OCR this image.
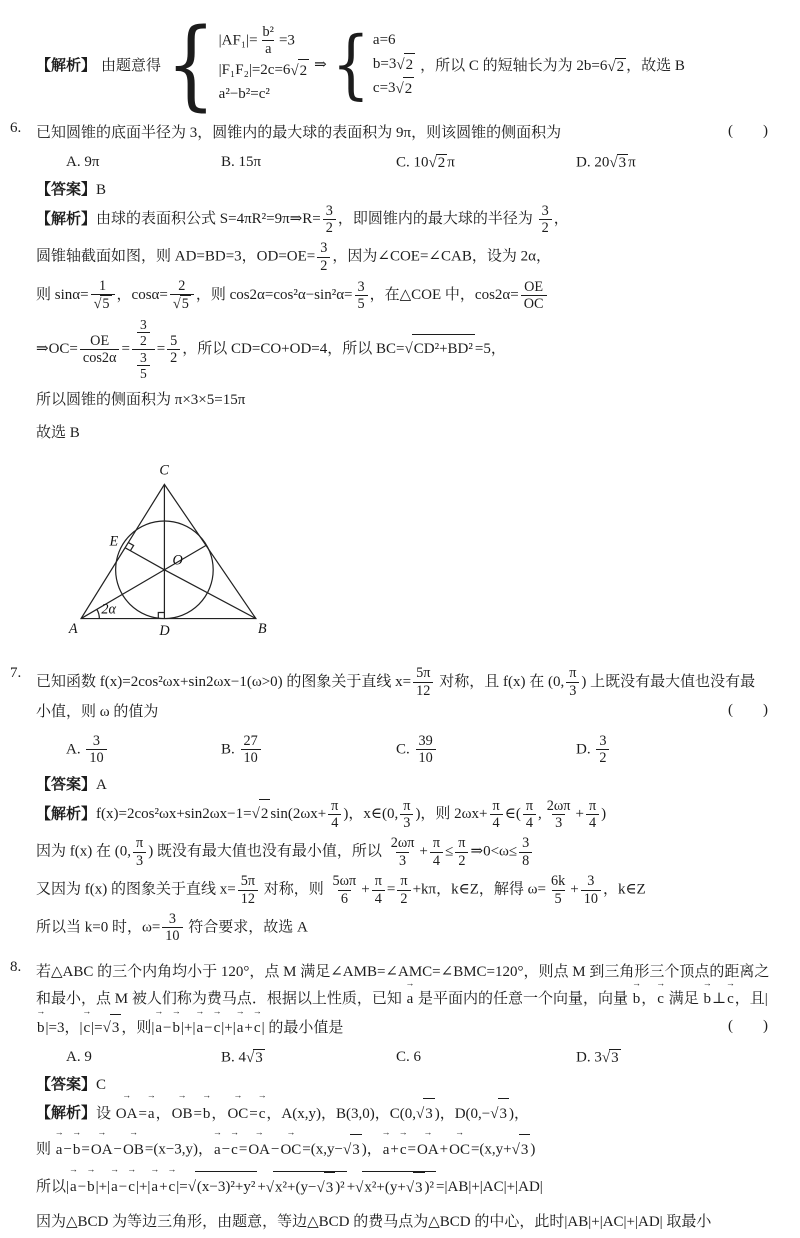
【解析】 由题意得 { $|AF_1|= \frac{\text{b²}}{a} =3$
|F₁F₂|=2c=6 √ 2
a²−b²=c²
⇒ { a=6
b=3 √ 2
c=3 √ 2
，所以 C 的短轴长为为 2b=6 √ 2 ，故选 B
6. 已知圆锥的底面半径为 3，圆锥内的最大球的表面积为 9π，则该圆锥的侧面积为	(        )
A. 9π	B. 15π	C. 10 √ 2 π	D. 20 √ 3 π
【答案】B
【解析】由球的表面积公式 S=4πR²=9π⇒R= $\frac{3}{2}$ ，即圆锥内的最大球的半径为 $\frac{3}{2}$ ，
圆锥轴截面如图，则 AD=BD=3，$OD=OE= \frac{3}{2}$ ，因为∠COE=∠CAB，设为 2α，
则 $\sin\alpha= \frac{1}{√ 5}$ ，$\cos\alpha= \frac{2}{√ 5}$ ，则 $\cos 2\alpha=\cos^2\alpha-\sin^2\alpha= \frac{3}{5}$ ，在△COE 中，$\cos 2\alpha= \frac{OE}{OC}$
⇒OC= $\frac{OE}{\cos 2\alpha} = \frac{\frac{3}{2}}{\frac{3}{5}} = \frac{5}{2}$ ，所以 CD=CO+OD=4，所以 BC= √ CD²+BD² =5，
所以圆锥的侧面积为 π×3×5=15π
故选 B
C
E
O
A	D	B
2α
7.
已知函数 f(x)=2cos²ωx+sin2ωx−1(ω>0) 的图象关于直线 $x= \frac{5\pi}{12}$ 对称，且 f(x) 在 (0, $\frac{\pi}{3}$ ) 上既没有最大值也没有最小值，则 ω 的值为	(        )
A. $\frac{3}{10}$	B. $\frac{27}{10}$	C. $\frac{39}{10}$	D. $\frac{3}{2}$
【答案】A
【解析】f(x)=2cos²ωx+sin2ωx−1= √ 2 $\sin(2\omega x+ \frac{\pi}{4}$ )，x∈(0, $\frac{\pi}{3}$ )，则 $2\omega x+ \frac{\pi}{4}$ ∈( $\frac{\pi}{4}$ , $\frac{2\omega\pi}{3} + \frac{\pi}{4}$ )
因为 f(x) 在 (0, $\frac{\pi}{3}$ ) 既没有最大值也没有最小值，所以 $\frac{2\omega\pi}{3} + \frac{\pi}{4} \le \frac{\pi}{2}$ ⇒0<ω≤ $\frac{3}{8}$
又因为 f(x) 的图象关于直线 $x= \frac{5\pi}{12}$ 对称，则 $\frac{5\omega\pi}{6} + \frac{\pi}{4} = \frac{\pi}{2} +k\pi$，k∈Z，解得 $\omega= \frac{6k}{5} + \frac{3}{10}$ ，k∈Z
所以当 k=0 时，$\omega= \frac{3}{10}$ 符合要求，故选 A
8. 若△ABC 的三个内角均小于 120°，点 M 满足∠AMB=∠AMC=∠BMC=120°，则点 M 到三角形三个顶点的距离之和最小，点 M 被人们称为费马点．根据以上性质，已知 a → 是平面内的任意一个向量，向量 b →，c → 满足 b →⊥c →，且|b →|=3，|c →|= √ 3 ，则|a →−b →|+|a →−c →|+|a →+c →| 的最小值是	(        )
A. 9	B. 4 √ 3	C. 6	D. 3 √ 3
【答案】C
【解析】设 OA →=a →，OB →=b →，OC →=c →，A(x,y)，B(3,0)，C(0, √ 3 )，D(0,− √ 3 )，
则 a →−b →=OA →−OB →=(x−3,y)，a →−c →=OA →−OC →=(x,y− √ 3 )，a →+c →=OA →+OC →=(x,y+ √ 3 )
所以|a →−b →|+|a →−c →|+|a →+c →|= √ (x−3)²+y² + √ x²+(y− √ 3 )² + √ x²+(y+ √ 3 )² =|AB|+|AC|+|AD|
因为△BCD 为等边三角形，由题意，等边△BCD 的费马点为△BCD 的中心，此时|AB|+|AC|+|AD| 取最小
